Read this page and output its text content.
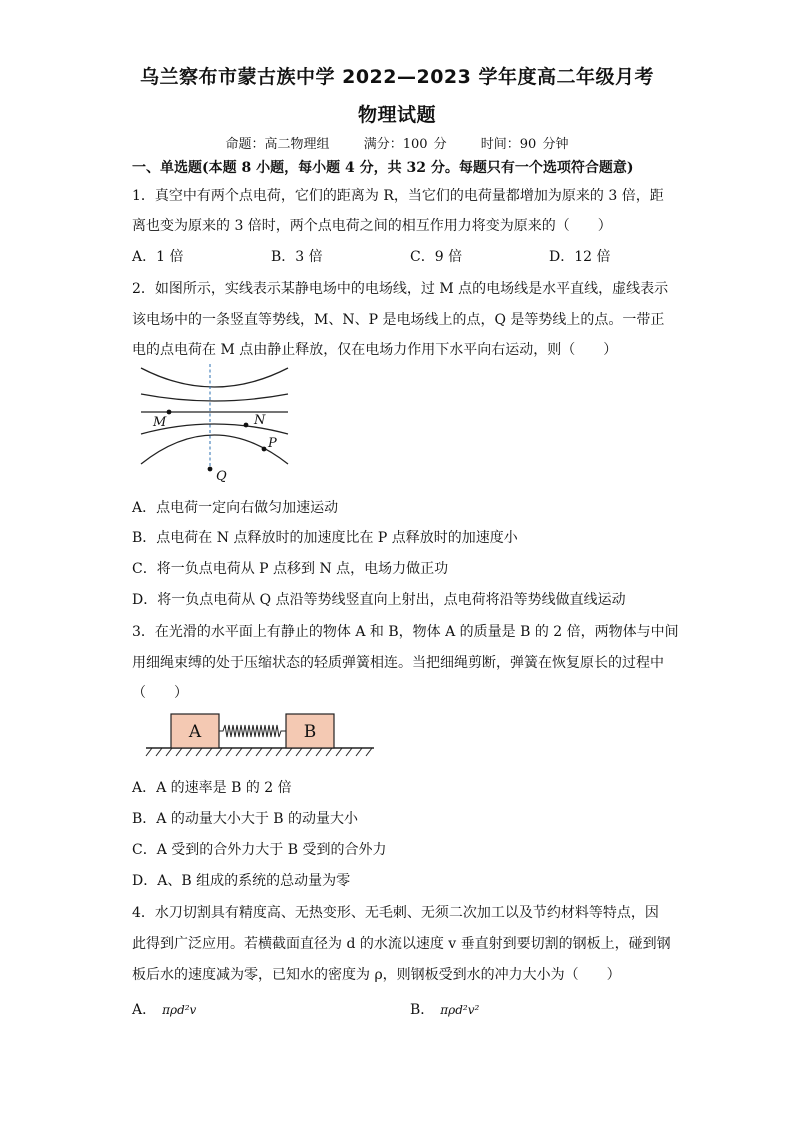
乌兰察布市蒙古族中学 2022—2023 学年度高二年级月考
物理试题
命题：高二物理组	满分：100 分	时间：90 分钟
一、单选题(本题 8 小题，每小题 4 分，共 32 分。每题只有一个选项符合题意)
1．真空中有两个点电荷，它们的距离为 R，当它们的电荷量都增加为原来的 3 倍，距
离也变为原来的 3 倍时，两个点电荷之间的相互作用力将变为原来的（　　）
A．1 倍	B．3 倍	C．9 倍	D．12 倍
2．如图所示，实线表示某静电场中的电场线，过 M 点的电场线是水平直线，虚线表示
该电场中的一条竖直等势线，M、N、P 是电场线上的点，Q 是等势线上的点。一带正
电的点电荷在 M 点由静止释放，仅在电场力作用下水平向右运动，则（　　）
M	N
P
Q
A．点电荷一定向右做匀加速运动
B．点电荷在 N 点释放时的加速度比在 P 点释放时的加速度小
C．将一负点电荷从 P 点移到 N 点，电场力做正功
D．将一负点电荷从 Q 点沿等势线竖直向上射出，点电荷将沿等势线做直线运动
3．在光滑的水平面上有静止的物体 A 和 B，物体 A 的质量是 B 的 2 倍，两物体与中间
用细绳束缚的处于压缩状态的轻质弹簧相连。当把细绳剪断，弹簧在恢复原长的过程中
（　　）
A	B
A．A 的速率是 B 的 2 倍
B．A 的动量大小大于 B 的动量大小
C．A 受到的合外力大于 B 受到的合外力
D．A、B 组成的系统的总动量为零
4．水刀切割具有精度高、无热变形、无毛刺、无须二次加工以及节约材料等特点，因
此得到广泛应用。若横截面直径为 d 的水流以速度 v 垂直射到要切割的钢板上，碰到钢
板后水的速度减为零，已知水的密度为 ρ，则钢板受到水的冲力大小为（　　）
A． πρd²v	B． πρd²v²
